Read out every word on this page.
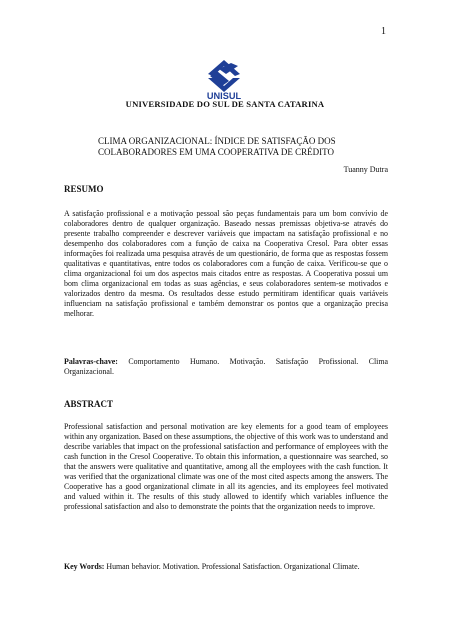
1
UNISUL
UNIVERSIDADE DO SUL DE SANTA CATARINA
CLIMA ORGANIZACIONAL: ÍNDICE DE SATISFAÇÃO DOS
COLABORADORES EM UMA COOPERATIVA DE CRÉDITO
Tuanny Dutra
RESUMO

A satisfação profissional e a motivação pessoal são peças fundamentais para um bom convívio de colaboradores dentro de qualquer organização. Baseado nessas premissas objetiva-se através do presente trabalho compreender e descrever variáveis que impactam na satisfação profissional e no desempenho dos colaboradores com a função de caixa na Cooperativa Cresol. Para obter essas informações foi realizada uma pesquisa através de um questionário, de forma que as respostas fossem qualitativas e quantitativas, entre todos os colaboradores com a função de caixa. Verificou-se que o clima organizacional foi um dos aspectos mais citados entre as respostas. A Cooperativa possui um bom clima organizacional em todas as suas agências, e seus colaboradores sentem-se motivados e valorizados dentro da mesma. Os resultados desse estudo permitiram identificar quais variáveis influenciam na satisfação profissional e também demonstrar os pontos que a organização precisa melhorar.

Palavras-chave: Comportamento Humano. Motivação. Satisfação Profissional. Clima Organizacional.

ABSTRACT

Professional satisfaction and personal motivation are key elements for a good team of employees within any organization. Based on these assumptions, the objective of this work was to understand and describe variables that impact on the professional satisfaction and performance of employees with the cash function in the Cresol Cooperative. To obtain this information, a questionnaire was searched, so that the answers were qualitative and quantitative, among all the employees with the cash function. It was verified that the organizational climate was one of the most cited aspects among the answers. The Cooperative has a good organizational climate in all its agencies, and its employees feel motivated and valued within it. The results of this study allowed to identify which variables influence the professional satisfaction and also to demonstrate the points that the organization needs to improve.

Key Words: Human behavior. Motivation. Professional Satisfaction. Organizational Climate.
